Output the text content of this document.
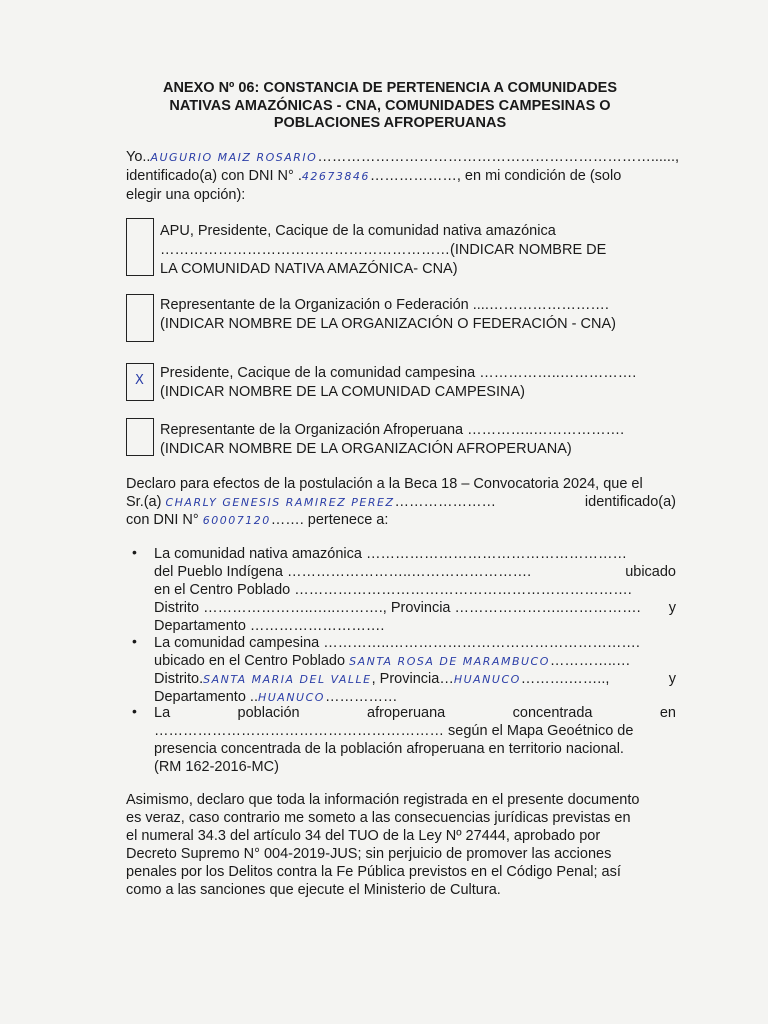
ANEXO Nº 06: CONSTANCIA DE PERTENENCIA A COMUNIDADES
NATIVAS AMAZÓNICAS - CNA, COMUNIDADES CAMPESINAS O
POBLACIONES AFROPERUANAS
Yo..AUGURIO MAIZ ROSARIO……………………………………………………………......,
identificado(a) con DNI N° .42673846………………, en mi condición de (solo
elegir una opción):
APU, Presidente, Cacique de la comunidad nativa amazónica
……………………………………………………(INDICAR NOMBRE DE
LA COMUNIDAD NATIVA AMAZÓNICA- CNA)
Representante de la Organización o Federación ....…………………….
(INDICAR NOMBRE DE LA ORGANIZACIÓN O FEDERACIÓN - CNA)
X Presidente, Cacique de la comunidad campesina ……………..…………….
(INDICAR NOMBRE DE LA COMUNIDAD CAMPESINA)
Representante de la Organización Afroperuana …………..……………….
(INDICAR NOMBRE DE LA ORGANIZACIÓN AFROPERUANA)
Declaro para efectos de la postulación a la Beca 18 – Convocatoria 2024, que el
Sr.(a) CHARLY GENESIS RAMIREZ PEREZ…………………	identificado(a)
con DNI N° 60007120……. pertenece a:
• La comunidad nativa amazónica ………………………………………………
del Pueblo Indígena ……………………..…………………….	ubicado
en el Centro Poblado …………………………………………………………….
Distrito …………………..…..………., Provincia …………………..……………. y
Departamento ……………………….
• La comunidad campesina …………..…………………………………………….
ubicado en el Centro Poblado SANTA ROSA DE MARAMBUCO…………..…
Distrito.SANTA MARIA DEL VALLE, Provincia…HUANUCO……….……..,	y
Departamento ..HUANUCO……………
• La	población	afroperuana	concentrada	en
…………………………………………………… según el Mapa Geoétnico de
presencia concentrada de la población afroperuana en territorio nacional.
(RM 162-2016-MC)
Asimismo, declaro que toda la información registrada en el presente documento
es veraz, caso contrario me someto a las consecuencias jurídicas previstas en
el numeral 34.3 del artículo 34 del TUO de la Ley Nº 27444, aprobado por
Decreto Supremo N° 004-2019-JUS; sin perjuicio de promover las acciones
penales por los Delitos contra la Fe Pública previstos en el Código Penal; así
como a las sanciones que ejecute el Ministerio de Cultura.
